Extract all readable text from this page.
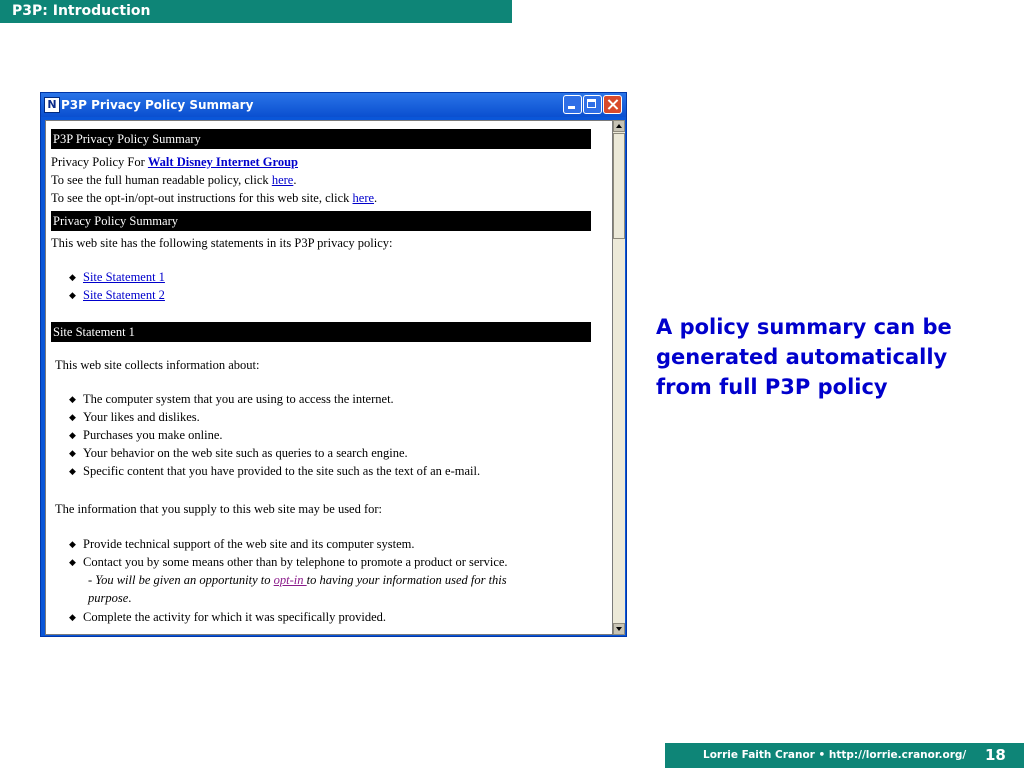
P3P: Introduction
N P3P Privacy Policy Summary
P3P Privacy Policy Summary
Privacy Policy For Walt Disney Internet Group
To see the full human readable policy, click here.
To see the opt-in/opt-out instructions for this web site, click here.
Privacy Policy Summary
This web site has the following statements in its P3P privacy policy:
◆ Site Statement 1
◆ Site Statement 2
Site Statement 1
This web site collects information about:
◆ The computer system that you are using to access the internet.
◆ Your likes and dislikes.
◆ Purchases you make online.
◆ Your behavior on the web site such as queries to a search engine.
◆ Specific content that you have provided to the site such as the text of an e-mail.
The information that you supply to this web site may be used for:
◆ Provide technical support of the web site and its computer system.
◆ Contact you by some means other than by telephone to promote a product or service.
- You will be given an opportunity to opt-in to having your information used for this
purpose.
◆ Complete the activity for which it was specifically provided.
A policy summary can be generated automatically from full P3P policy
Lorrie Faith Cranor • http://lorrie.cranor.org/ 18
